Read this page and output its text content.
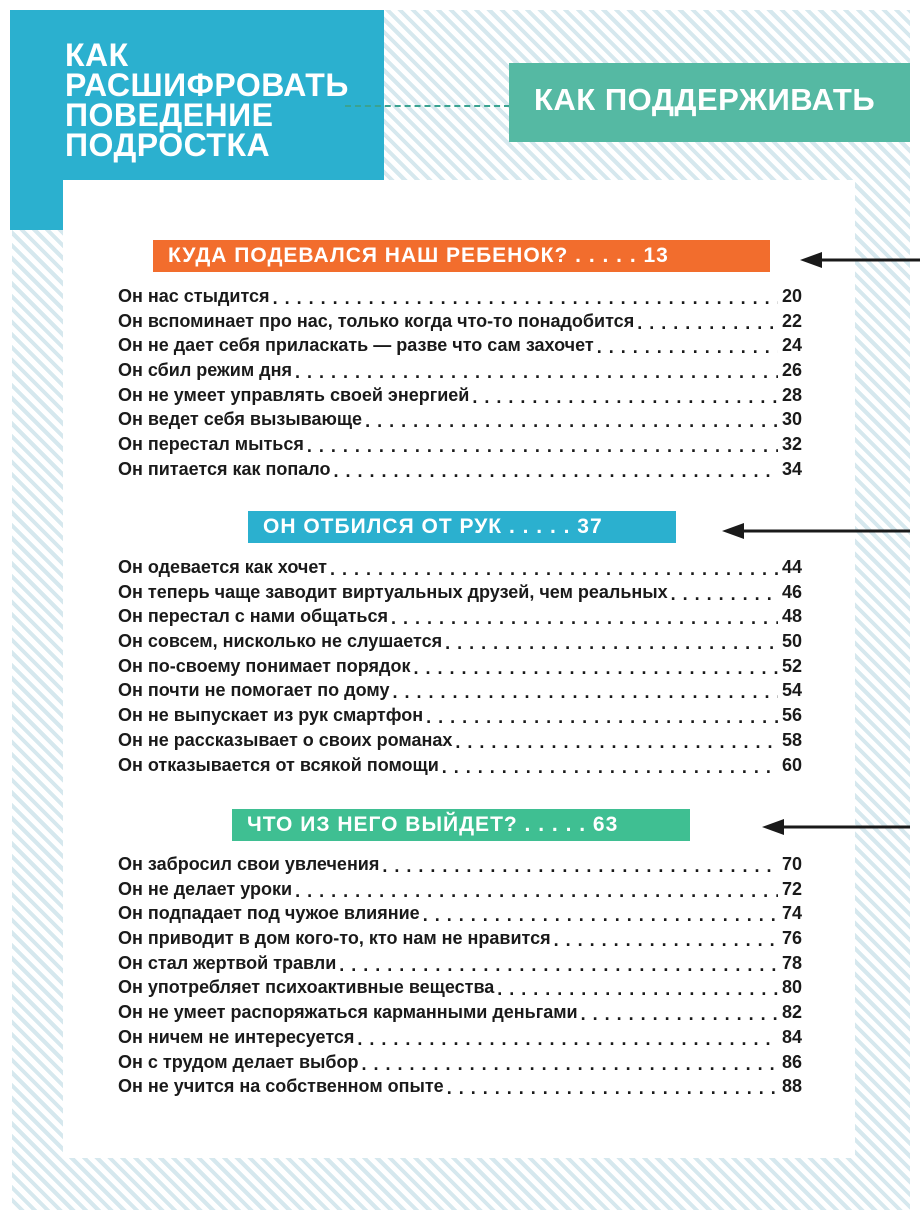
КАК
РАСШИФРОВАТЬ
ПОВЕДЕНИЕ
ПОДРОСТКА
КАК ПОДДЕРЖИВАТЬ
КУДА ПОДЕВАЛСЯ НАШ РЕБЕНОК? . . . . . 13
Он нас стыдится . . .	20
Он вспоминает про нас, только когда что-то понадобится . . .	22
Он не дает себя приласкать — разве что сам захочет . . .	24
Он сбил режим дня . . .	26
Он не умеет управлять своей энергией . . .	28
Он ведет себя вызывающе . . .	30
Он перестал мыться . . .	32
Он питается как попало . . .	34
ОН ОТБИЛСЯ ОТ РУК . . . . . 37
Он одевается как хочет . . .	44
Он теперь чаще заводит виртуальных друзей, чем реальных . . .	46
Он перестал с нами общаться . . .	48
Он совсем, нисколько не слушается . . .	50
Он по-своему понимает порядок . . .	52
Он почти не помогает по дому . . .	54
Он не выпускает из рук смартфон . . .	56
Он не рассказывает о своих романах . . .	58
Он отказывается от всякой помощи . . .	60
ЧТО ИЗ НЕГО ВЫЙДЕТ? . . . . . 63
Он забросил свои увлечения . . .	70
Он не делает уроки . . .	72
Он подпадает под чужое влияние . . .	74
Он приводит в дом кого-то, кто нам не нравится . . .	76
Он стал жертвой травли . . .	78
Он употребляет психоактивные вещества . . .	80
Он не умеет распоряжаться карманными деньгами . . .	82
Он ничем не интересуется . . .	84
Он с трудом делает выбор . . .	86
Он не учится на собственном опыте . . .	88
